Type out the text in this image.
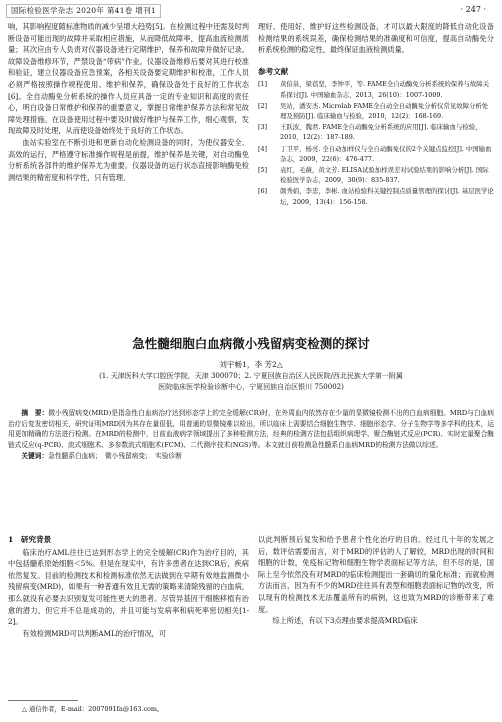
国际检验医学杂志 2020年 第41卷 增刊1	· 247 ·

响，其影响程度随标准物质的减少呈增大趋势[5]。在检测过程中还需及时判断设备可能出现的故障并采取相应措施，从而降低故障率，提高血流检测质量；其次应由专人负责对仪器设备进行定期维护，保养和故障并做好记录。故障设备维修环节，严禁设备“带病”作业。仪器设备维修后要对其进行校准和验证，建立仪器设备应急预案，各相关设备要定期维护和校准，工作人员必须严格按照操作规程使用、维护和保养，确保设备处于良好的工作状态[6]。全自动酶免分析系统的操作人员应具备一定的专业知识和高度的责任心，明白设备日常维护和保养的重要意义，掌握日常维护保养方法和常见故障处理措施。在设备使用过程中要及时做好维护与保养工作，细心观察，发现故障及时处理，从而使设备始终处于良好的工作状态。

血站实验室在不断引进和更新自动化检测设备的同时，为使仪器安全、高效的运行，严格遵守标准操作规程是前提，维护保养是关键，对自动酶免分析系统各部件的维护保养尤为重要。仪器设备的运行状态直接影响酶免检测结果的精密度和科学性，只有管理、

理好、使用好、维护好这些检测设备，才可以最大限度的降低自动化设备检测结果的系统误差，确保检测结果的准确度和可信度，提高自动酶免分析系统检测的稳定性，最终保证血液检测质量。

参考文献

[1] 黄伯泉，梁蓓坚，李钟平，等. FAME全自动酶免分析系统的保养与故障关系探讨[J]. 中国输血杂志，2013，26(10)：1007-1009.
[2] 吴站，潘安杰. Microlab FAME全自动全自动酶免分析仪常见故障分析处理及预防[J]. 临床输血与检验，2010，12(2)：168-169.
[3] 王跃波，魏君. FAME全自动酶免分析系统的应用[J]. 临床输血与检验，2010，12(2)：187-189.
[4] 丁卫平，杨亮. 全自动加样仪与全自动酶免仪的2个关键点监控[J]. 中国输血杂志，2009，22(6)：476-477.
[5] 袁红，毛薇，黄文芳. ELISA试验加样误差对试验结果的影响分析[J]. 国际检验医学杂志，2009，30(9)：835-837.
[6] 颜秀娟，李忠，李彬. 血站检验科关键控制点质量管理的探讨[J]. 基层医学论坛，2009，13(4)：156-158.
急性髓细胞白血病微小残留病变检测的探讨
刘宇畅1，李 芳2△
(1. 天津医科大学口腔医学院，天津 300070；2. 宁夏回族自治区人民医院/西北民族大学第一附属
医院临床医学检验诊断中心，宁夏回族自治区银川 750002)

摘　要：微小残留病变(MRD)是指急性白血病治疗达到形态学上的完全缓解(CR)时，在外周血内依然存在少量的显微镜检测不出的白血病细胞。MRD与白血病治疗后复发密切相关，研究证明MRD因为其存在量很低，用普通的显微镜难以检出，所以临床上需要结合细胞生物学、细胞形态学、分子生物学等多学科的技术，运用更加精确的方法进行检测。在MRD的检测中，目前血液病学领域提出了多种检测方法，经典的检测方法包括组织病理学、聚合酶链式反应(PCR)、实时定量聚合酶链式反应(q-PCR)、流式细胞术、多参数流式细胞术(FCM)、二代测序技术(NGS)等。本文就目前检测急性髓系白血病MRD的检测方法做以综述。

关键词：急性髓系白血病；　微小残留病变；　实验诊断

1　研究背景

临床治疗AML往往已达到形态学上的完全缓解(CR)作为治疗目的，其中包括髓系原始细胞＜5%。但是在现实中，有许多患者在达到CR后，疾病依然复发。目前的检测技术和检测标准依然无法做到在早期有效地监测微小残留病变(MRD)，如果有一种普通有效且无需的策略来清除残留的白血病，那么就没有必要去识别复发可能性更大的患者。尽管异基因干细胞移植有治愈的潜力，但它并不总是成功的，并且可能与发病率和病死率密切相关[1-2]。

有效检测MRD可以判断AML的治疗情况，可

以此判断预后复发和给予患者个性化治疗的目的。经过几十年的发展之后，数评估需要而言，对于MRD的评估的人了解较，MRD出现的时间和细胞的计数，免疫标记物和细胞生物学表面标记等方法，但不尽的是，国际上至今依然没有对MRD的临床检测提出一套确切的量化标准；而就检测方法而言，因为有不少的MRD往往具有表型和细胞表面标记物的改变，所以现有的检测技术无法覆盖所有的病例，这也致为MRD的诊断带来了难度。

综上所述，有以下3点理由要求提高MRD临床

△ 通信作者，E-mail：2007091fa@163.com。
